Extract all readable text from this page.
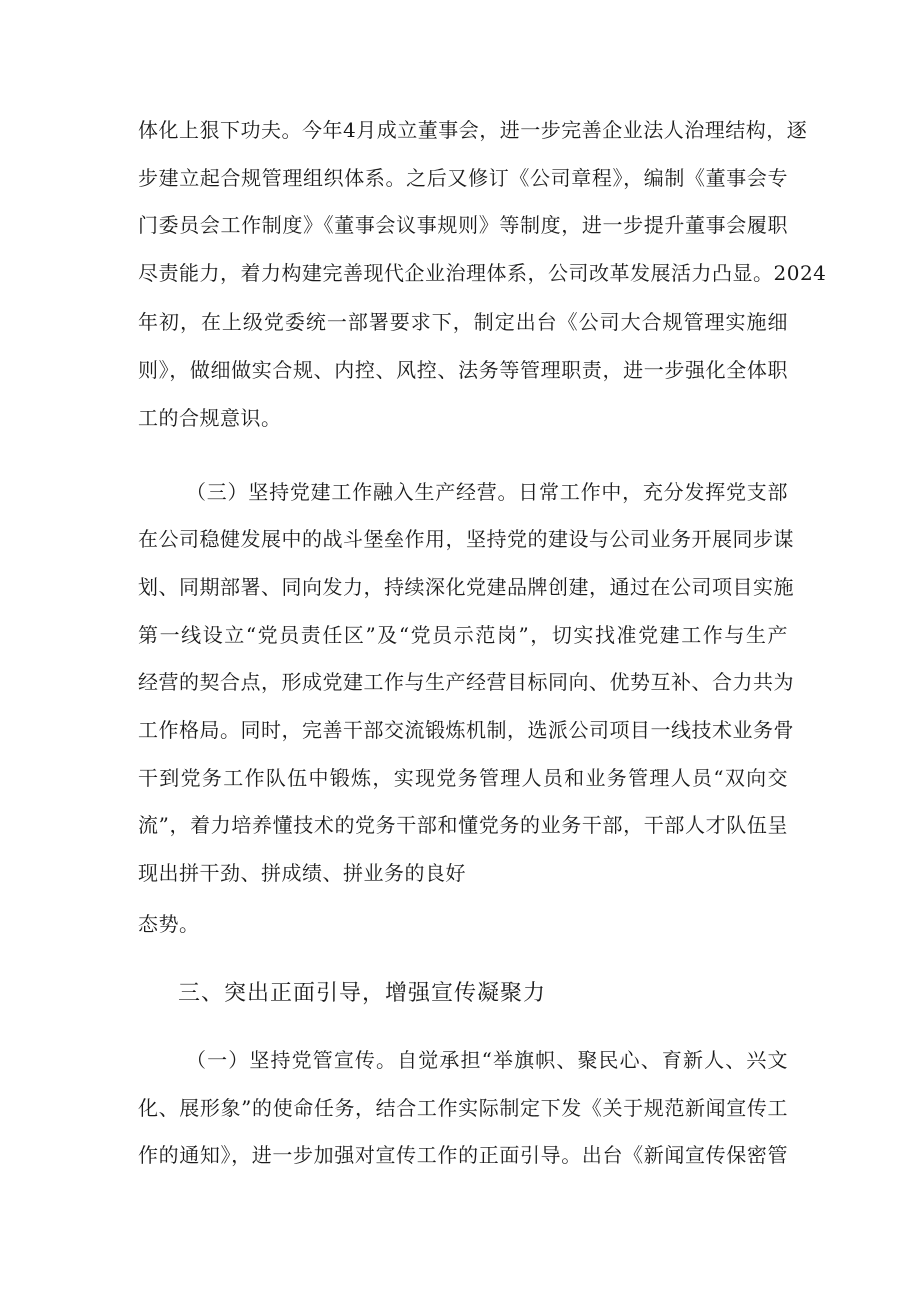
体化上狠下功夫。今年4月成立董事会，进一步完善企业法人治理结构，逐
步建立起合规管理组织体系。之后又修订《公司章程》，编制《董事会专
门委员会工作制度》《董事会议事规则》等制度，进一步提升董事会履职
尽责能力，着力构建完善现代企业治理体系，公司改革发展活力凸显。2024
年初，在上级党委统一部署要求下，制定出台《公司大合规管理实施细
则》，做细做实合规、内控、风控、法务等管理职责，进一步强化全体职
工的合规意识。
（三）坚持党建工作融入生产经营。日常工作中，充分发挥党支部
在公司稳健发展中的战斗堡垒作用，坚持党的建设与公司业务开展同步谋
划、同期部署、同向发力，持续深化党建品牌创建，通过在公司项目实施
第一线设立“党员责任区”及“党员示范岗”，切实找准党建工作与生产
经营的契合点，形成党建工作与生产经营目标同向、优势互补、合力共为
工作格局。同时，完善干部交流锻炼机制，选派公司项目一线技术业务骨
干到党务工作队伍中锻炼，实现党务管理人员和业务管理人员“双向交
流”，着力培养懂技术的党务干部和懂党务的业务干部，干部人才队伍呈
现出拼干劲、拼成绩、拼业务的良好
态势。
三、突出正面引导，增强宣传凝聚力
（一）坚持党管宣传。自觉承担“举旗帜、聚民心、育新人、兴文
化、展形象”的使命任务，结合工作实际制定下发《关于规范新闻宣传工
作的通知》，进一步加强对宣传工作的正面引导。出台《新闻宣传保密管
